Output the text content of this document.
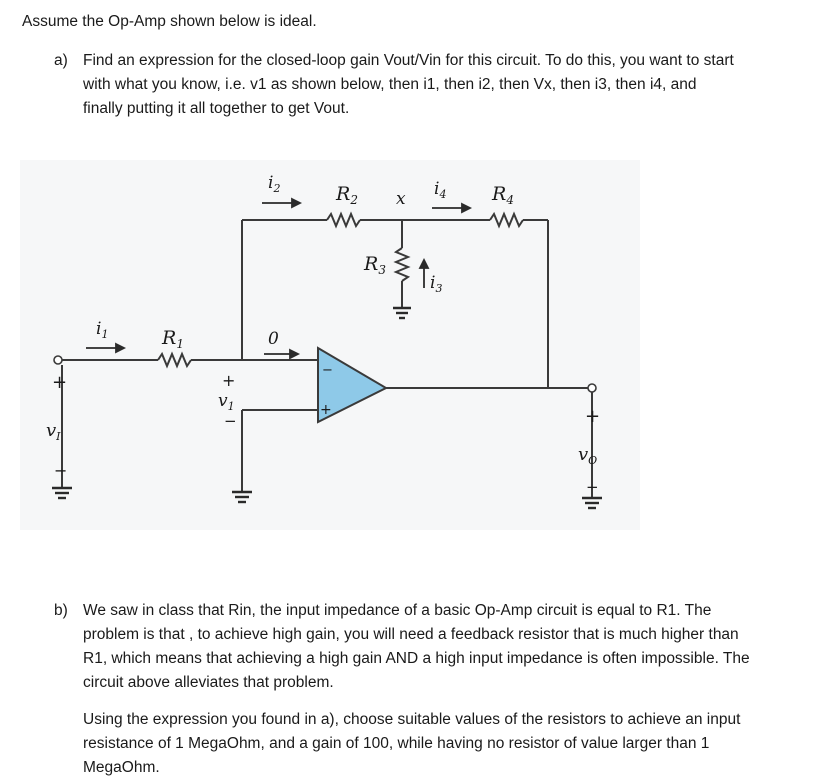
Assume the Op-Amp shown below is ideal.
a) Find an expression for the closed-loop gain Vout/Vin for this circuit. To do this, you want to start
with what you know, i.e. v1 as shown below, then i1, then i2, then Vx, then i3, then i4, and
finally putting it all together to get Vout.
−
+
$i_1$	$R_1$	0
$i_2$	$R_2$ x $i_4$ $R_4$
$R_3$
$i_3$
+
$v_I$
−
+
$v_1$
−	+
$v_O$
−
b) We saw in class that Rin, the input impedance of a basic Op-Amp circuit is equal to R1. The
problem is that , to achieve high gain, you will need a feedback resistor that is much higher than
R1, which means that achieving a high gain AND a high input impedance is often impossible. The
circuit above alleviates that problem.
Using the expression you found in a), choose suitable values of the resistors to achieve an input
resistance of 1 MegaOhm, and a gain of 100, while having no resistor of value larger than 1
MegaOhm.
